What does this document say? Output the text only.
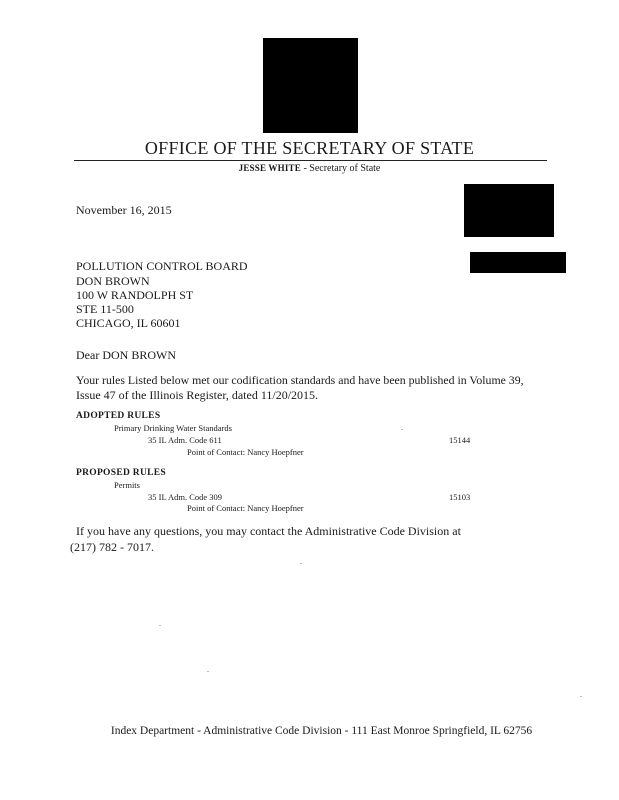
OFFICE OF THE SECRETARY OF STATE
JESSE WHITE - Secretary of State
November 16, 2015
POLLUTION CONTROL BOARD
DON BROWN
100 W RANDOLPH ST
STE 11-500
CHICAGO, IL 60601
Dear DON BROWN
Your rules Listed below met our codification standards and have been published in Volume 39,
Issue 47 of the Illinois Register, dated 11/20/2015.
ADOPTED RULES
Primary Drinking Water Standards
35 IL Adm. Code 611	15144
Point of Contact: Nancy Hoepfner
PROPOSED RULES
Permits
35 IL Adm. Code 309	15103
Point of Contact: Nancy Hoepfner
If you have any questions, you may contact the Administrative Code Division at
(217) 782 - 7017.
Index Department - Administrative Code Division - 111 East Monroe Springfield, IL 62756
